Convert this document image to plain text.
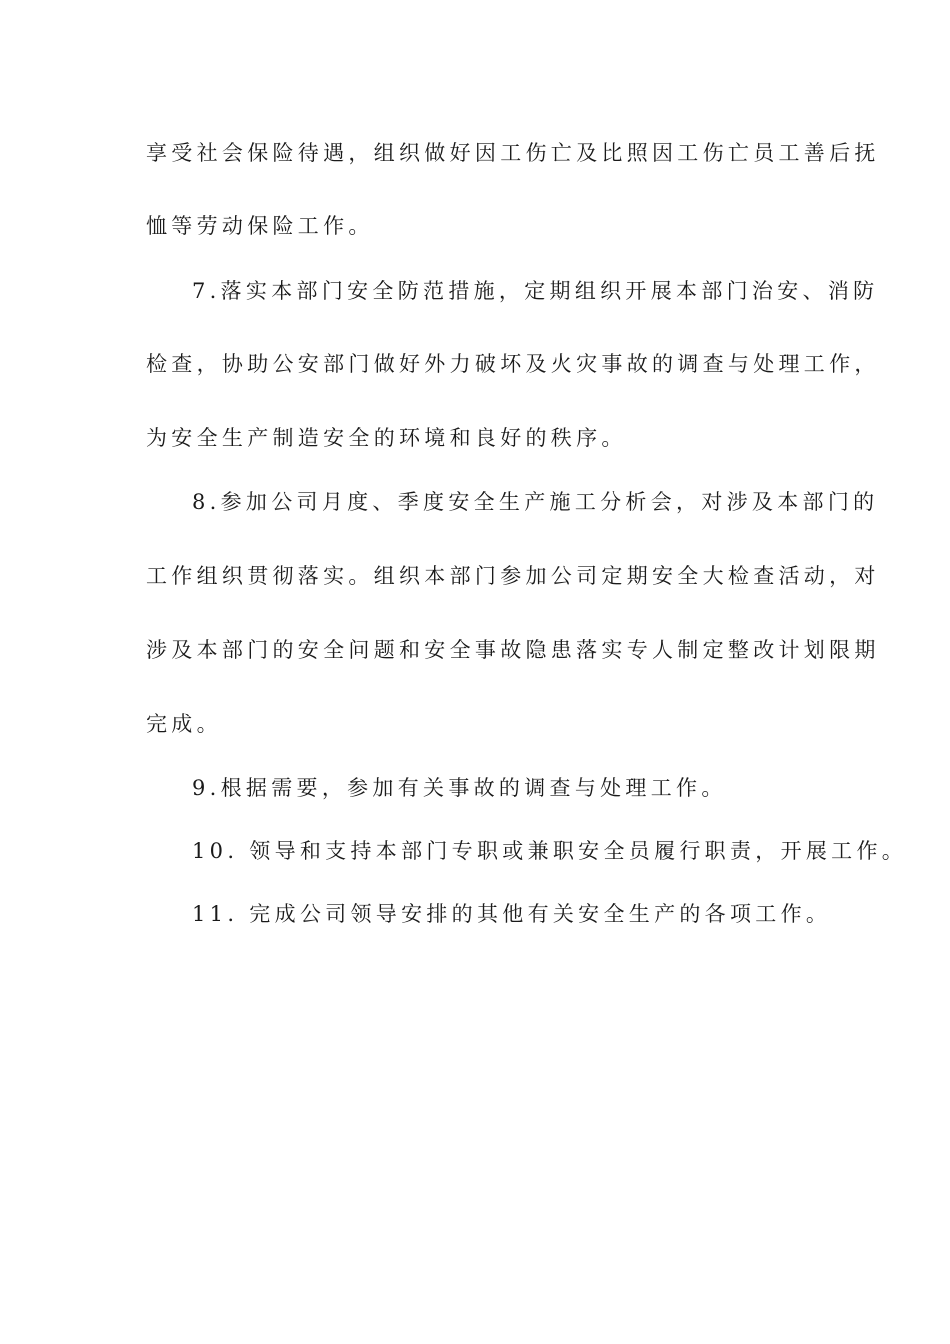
享受社会保险待遇，组织做好因工伤亡及比照因工伤亡员工善后抚
恤等劳动保险工作。
7.落实本部门安全防范措施，定期组织开展本部门治安、消防
检查，协助公安部门做好外力破坏及火灾事故的调查与处理工作，
为安全生产制造安全的环境和良好的秩序。
8.参加公司月度、季度安全生产施工分析会，对涉及本部门的
工作组织贯彻落实。组织本部门参加公司定期安全大检查活动，对
涉及本部门的安全问题和安全事故隐患落实专人制定整改计划限期
完成。
9.根据需要，参加有关事故的调查与处理工作。
10. 领导和支持本部门专职或兼职安全员履行职责，开展工作。
11. 完成公司领导安排的其他有关安全生产的各项工作。
